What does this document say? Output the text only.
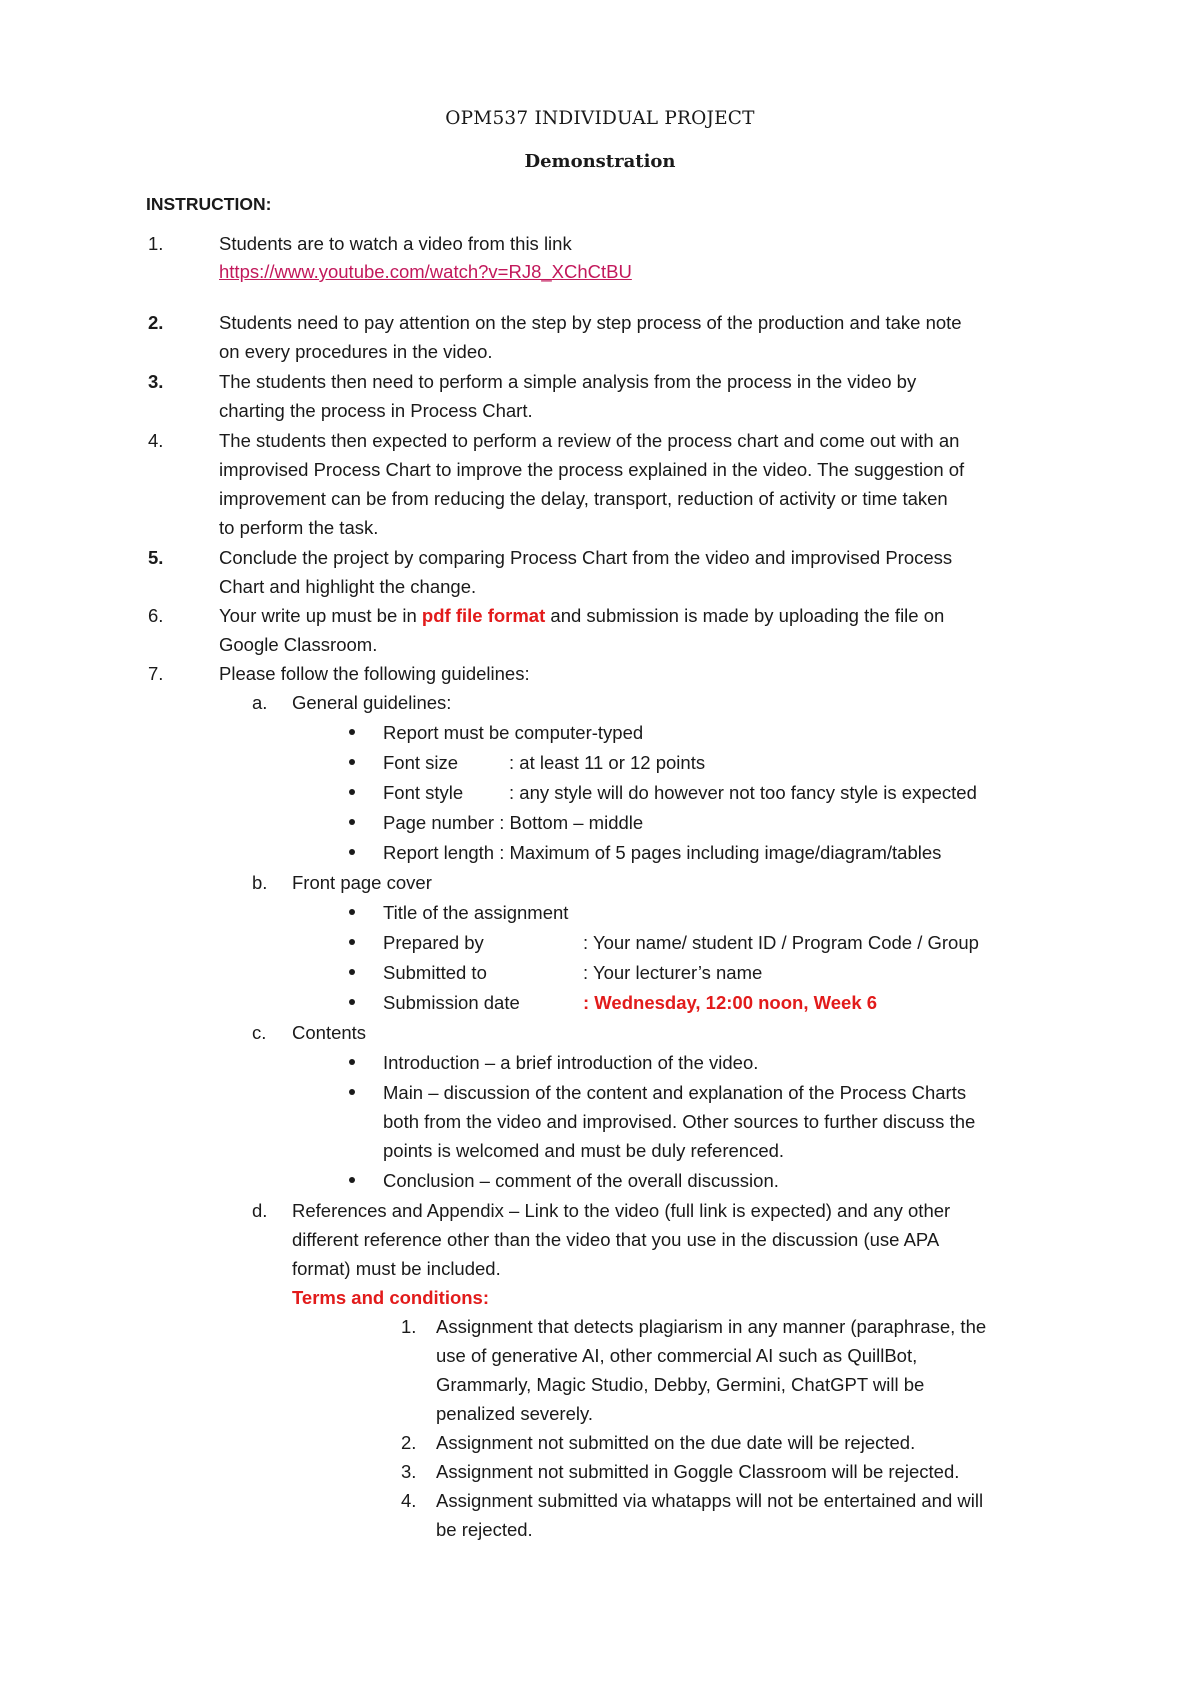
OPM537 INDIVIDUAL PROJECT
Demonstration
INSTRUCTION:
1.	Students are to watch a video from this link
https://www.youtube.com/watch?v=RJ8_XChCtBU
2.	Students need to pay attention on the step by step process of the production and take note
on every procedures in the video.
3.	The students then need to perform a simple analysis from the process in the video by
charting the process in Process Chart.
4.	The students then expected to perform a review of the process chart and come out with an
improvised Process Chart to improve the process explained in the video. The suggestion of
improvement can be from reducing the delay, transport, reduction of activity or time taken
to perform the task.
5.	Conclude the project by comparing Process Chart from the video and improvised Process
Chart and highlight the change.
6.	Your write up must be in pdf file format and submission is made by uploading the file on
Google Classroom.
7.	Please follow the following guidelines:
a. General guidelines:
Report must be computer-typed
Font size	: at least 11 or 12 points
Font style : any style will do however not too fancy style is expected
Page number : Bottom – middle
Report length : Maximum of 5 pages including image/diagram/tables
b. Front page cover
Title of the assignment
Prepared by	: Your name/ student ID / Program Code / Group
Submitted to	: Your lecturer’s name
Submission date	: Wednesday, 12:00 noon, Week 6
c. Contents
Introduction – a brief introduction of the video.
Main – discussion of the content and explanation of the Process Charts
both from the video and improvised. Other sources to further discuss the
points is welcomed and must be duly referenced.
Conclusion – comment of the overall discussion.
d. References and Appendix – Link to the video (full link is expected) and any other
different reference other than the video that you use in the discussion (use APA
format) must be included.
Terms and conditions:
1. Assignment that detects plagiarism in any manner (paraphrase, the
use of generative AI, other commercial AI such as QuillBot,
Grammarly, Magic Studio, Debby, Germini, ChatGPT will be
penalized severely.
2. Assignment not submitted on the due date will be rejected.
3. Assignment not submitted in Goggle Classroom will be rejected.
4. Assignment submitted via whatapps will not be entertained and will
be rejected.
